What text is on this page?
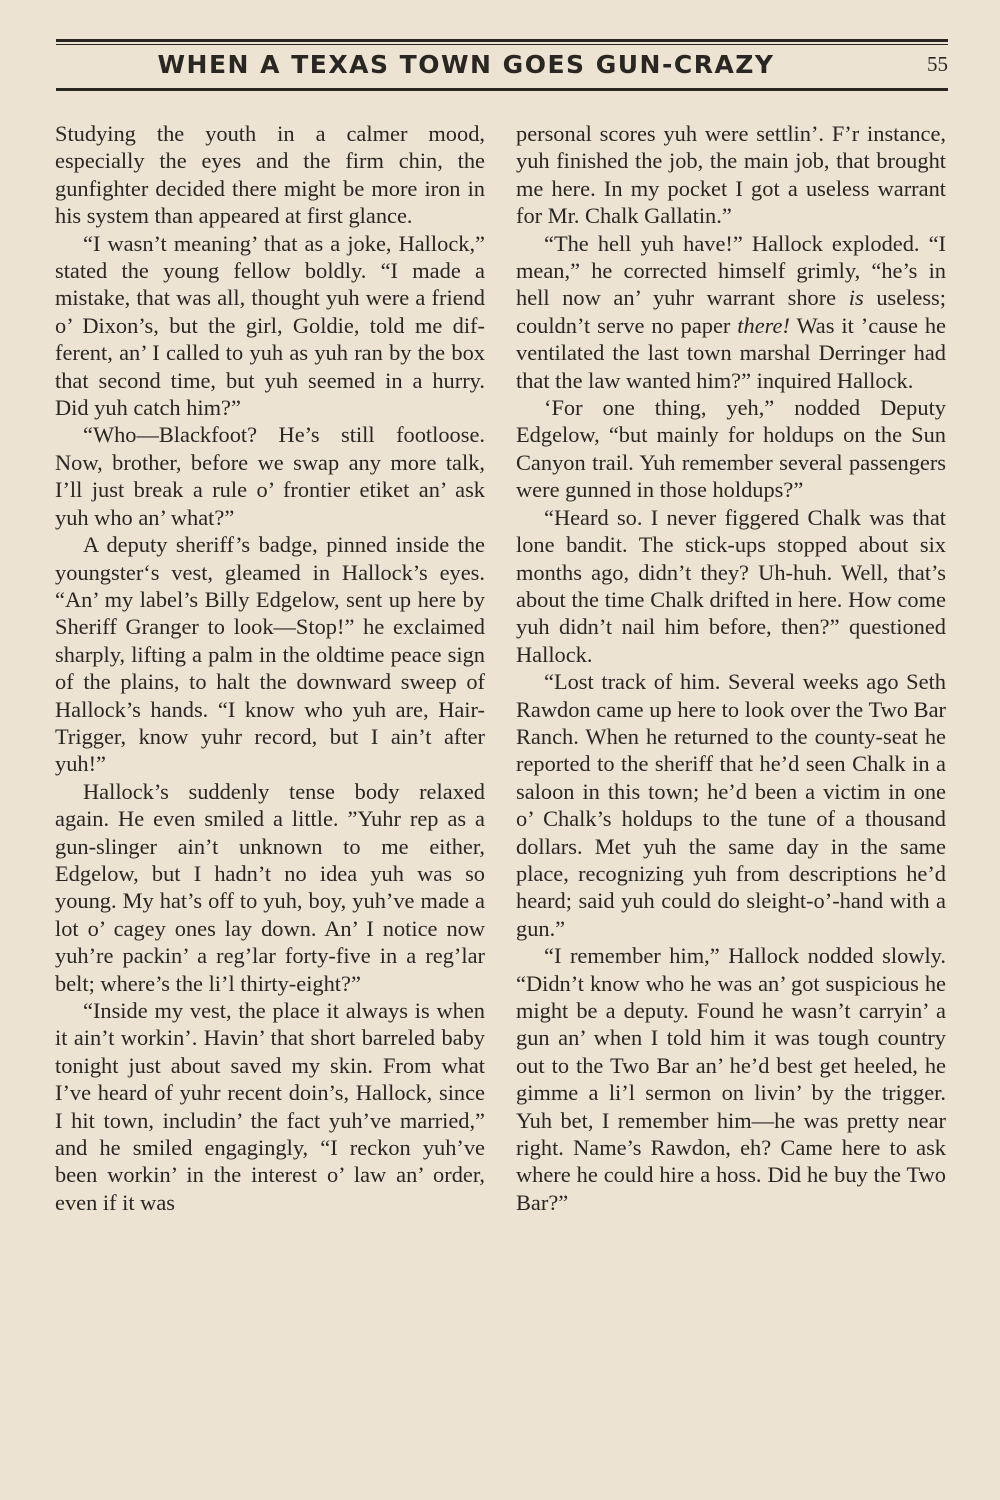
WHEN A TEXAS TOWN GOES GUN-CRAZY	55

Studying the youth in a calmer mood, especially the eyes and the firm chin, the gunfighter decided there might be more iron in his system than appeared at first glance.

“I wasn’t meaning’ that as a joke, Hallock,” stated the young fellow boldly. “I made a mistake, that was all, thought yuh were a friend o’ Dixon’s, but the girl, Goldie, told me different, an’ I called to yuh as yuh ran by the box that second time, but yuh seemed in a hurry. Did yuh catch him?”

“Who—Blackfoot? He’s still footloose. Now, brother, before we swap any more talk, I’ll just break a rule o’ frontier etiket an’ ask yuh who an’ what?”

A deputy sheriff’s badge, pinned inside the youngster‘s vest, gleamed in Hallock’s eyes. “An’ my label’s Billy Edgelow, sent up here by Sheriff Granger to look—Stop!” he exclaimed sharply, lifting a palm in the oldtime peace sign of the plains, to halt the downward sweep of Hallock’s hands. “I know who yuh are, Hair-Trigger, know yuhr record, but I ain’t after yuh!”

Hallock’s suddenly tense body relaxed again. He even smiled a little. ”Yuhr rep as a gun-slinger ain’t unknown to me either, Edgelow, but I hadn’t no idea yuh was so young. My hat’s off to yuh, boy, yuh’ve made a lot o’ cagey ones lay down. An’ I notice now yuh’re packin’ a reg’lar forty-five in a reg’lar belt; where’s the li’l thirty-eight?”

“Inside my vest, the place it always is when it ain’t workin’. Havin’ that short barreled baby tonight just about saved my skin. From what I’ve heard of yuhr recent doin’s, Hallock, since I hit town, includin’ the fact yuh’ve married,” and he smiled engagingly, “I reckon yuh’ve been workin’ in the interest o’ law an’ order, even if it was

personal scores yuh were settlin’. F’r instance, yuh finished the job, the main job, that brought me here. In my pocket I got a useless warrant for Mr. Chalk Gallatin.”

“The hell yuh have!” Hallock exploded. “I mean,” he corrected himself grimly, “he’s in hell now an’ yuhr warrant shore is useless; couldn’t serve no paper there! Was it ’cause he ventilated the last town marshal Derringer had that the law wanted him?” inquired Hallock.

‘For one thing, yeh,” nodded Deputy Edgelow, “but mainly for holdups on the Sun Canyon trail. Yuh remember several passengers were gunned in those holdups?”

“Heard so. I never figgered Chalk was that lone bandit. The stick-ups stopped about six months ago, didn’t they? Uh-huh. Well, that’s about the time Chalk drifted in here. How come yuh didn’t nail him before, then?” questioned Hallock.

“Lost track of him. Several weeks ago Seth Rawdon came up here to look over the Two Bar Ranch. When he returned to the county-seat he reported to the sheriff that he’d seen Chalk in a saloon in this town; he’d been a victim in one o’ Chalk’s holdups to the tune of a thousand dollars. Met yuh the same day in the same place, recognizing yuh from descriptions he’d heard; said yuh could do sleight-o’-hand with a gun.”

“I remember him,” Hallock nodded slowly. “Didn’t know who he was an’ got suspicious he might be a deputy. Found he wasn’t carryin’ a gun an’ when I told him it was tough country out to the Two Bar an’ he’d best get heeled, he gimme a li’l sermon on livin’ by the trigger. Yuh bet, I remember him—he was pretty near right. Name’s Rawdon, eh? Came here to ask where he could hire a hoss. Did he buy the Two Bar?”
